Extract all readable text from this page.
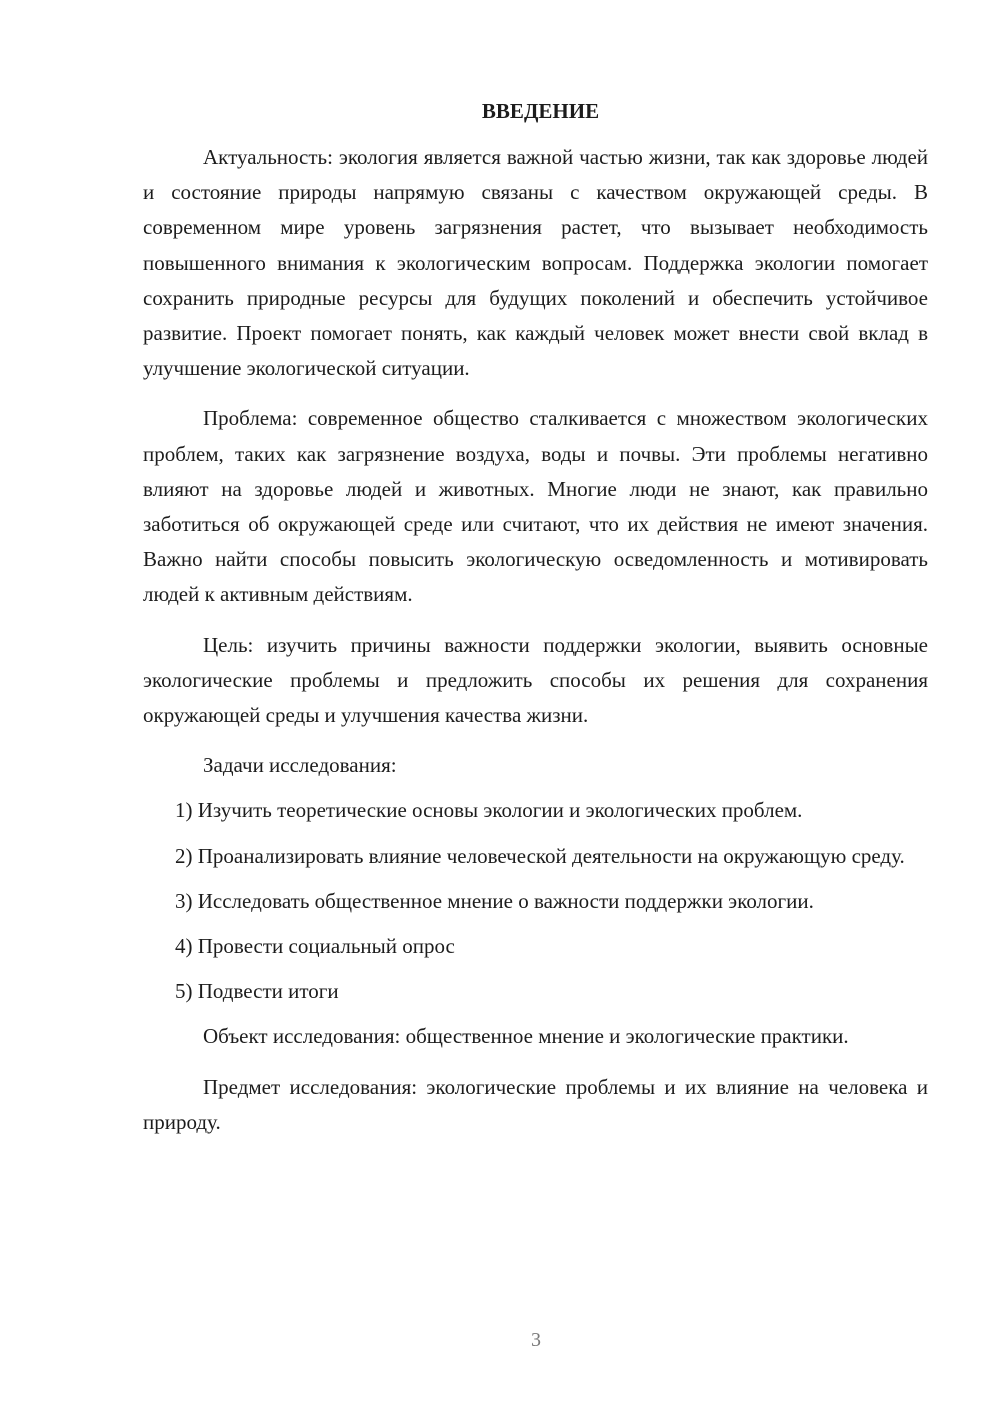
ВВЕДЕНИЕ

Актуальность: экология является важной частью жизни, так как здоровье людей и состояние природы напрямую связаны с качеством окружающей среды. В современном мире уровень загрязнения растет, что вызывает необходимость повышенного внимания к экологическим вопросам. Поддержка экологии помогает сохранить природные ресурсы для будущих поколений и обеспечить устойчивое развитие. Проект помогает понять, как каждый человек может внести свой вклад в улучшение экологической ситуации.

Проблема: современное общество сталкивается с множеством экологических проблем, таких как загрязнение воздуха, воды и почвы. Эти проблемы негативно влияют на здоровье людей и животных. Многие люди не знают, как правильно заботиться об окружающей среде или считают, что их действия не имеют значения. Важно найти способы повысить экологическую осведомленность и мотивировать людей к активным действиям.

Цель: изучить причины важности поддержки экологии, выявить основные экологические проблемы и предложить способы их решения для сохранения окружающей среды и улучшения качества жизни.

Задачи исследования:

1) Изучить теоретические основы экологии и экологических проблем.

2) Проанализировать влияние человеческой деятельности на окружающую среду.

3) Исследовать общественное мнение о важности поддержки экологии.

4) Провести социальный опрос

5) Подвести итоги

Объект исследования: общественное мнение и экологические практики.

Предмет исследования: экологические проблемы и их влияние на человека и природу.

3
